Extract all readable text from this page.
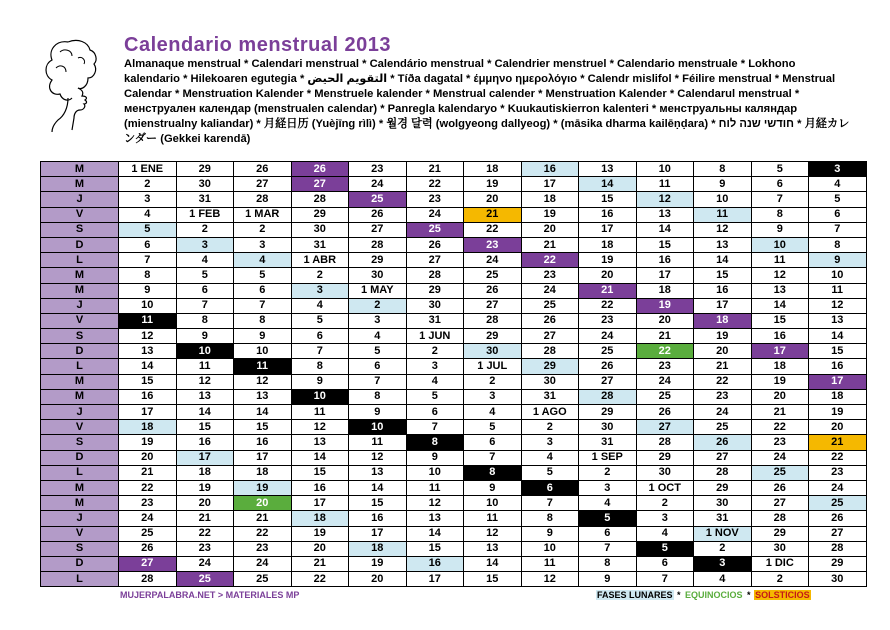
Calendario menstrual 2013

Almanaque menstrual * Calendari menstrual * Calendário menstrual * Calendrier menstruel * Calendario menstruale * Lokhono kalendario * Hilekoaren egutegia * التقويم الحيض * Tíða dagatal * έμμηνο ημερολόγιο * Calendr mislifol * Féilire menstrual * Menstrual Calendar * Menstruation Kalender * Menstruele kalender * Menstrual calender * Menstruation Kalender * Calendarul menstrual * менструален календар (menstrualen calendar) * Panregla kalendaryo * Kuukautiskierron kalenteri * менструальны каляндар (mienstrualny kaliandar) * 月経日历 (Yuèjīng rìlì) * 월경 달력 (wolgyeong dallyeog) * (māsika dharma kailēṇḍara) * חודשי שנה לוח * 月経カレンダー (Gekkei karendā)

M	1 ENE	29	26	26	23	21	18	16	13	10	8	5	3
M	2	30	27	27	24	22	19	17	14	11	9	6	4
J	3	31	28	28	25	23	20	18	15	12	10	7	5
V	4	1 FEB	1 MAR	29	26	24	21	19	16	13	11	8	6
S	5	2	2	30	27	25	22	20	17	14	12	9	7
D	6	3	3	31	28	26	23	21	18	15	13	10	8
L	7	4	4	1 ABR	29	27	24	22	19	16	14	11	9
M	8	5	5	2	30	28	25	23	20	17	15	12	10
M	9	6	6	3	1 MAY	29	26	24	21	18	16	13	11
J	10	7	7	4	2	30	27	25	22	19	17	14	12
V	11	8	8	5	3	31	28	26	23	20	18	15	13
S	12	9	9	6	4	1 JUN	29	27	24	21	19	16	14
D	13	10	10	7	5	2	30	28	25	22	20	17	15
L	14	11	11	8	6	3	1 JUL	29	26	23	21	18	16
M	15	12	12	9	7	4	2	30	27	24	22	19	17
M	16	13	13	10	8	5	3	31	28	25	23	20	18
J	17	14	14	11	9	6	4	1 AGO	29	26	24	21	19
V	18	15	15	12	10	7	5	2	30	27	25	22	20
S	19	16	16	13	11	8	6	3	31	28	26	23	21
D	20	17	17	14	12	9	7	4	1 SEP	29	27	24	22
L	21	18	18	15	13	10	8	5	2	30	28	25	23
M	22	19	19	16	14	11	9	6	3	1 OCT	29	26	24
M	23	20	20	17	15	12	10	7	4	2	30	27	25
J	24	21	21	18	16	13	11	8	5	3	31	28	26
V	25	22	22	19	17	14	12	9	6	4	1 NOV	29	27
S	26	23	23	20	18	15	13	10	7	5	2	30	28
D	27	24	24	21	19	16	14	11	8	6	3	1 DIC	29
L	28	25	25	22	20	17	15	12	9	7	4	2	30
MUJERPALABRA.NET > MATERIALES MP	FASES LUNARES * EQUINOCIOS * SOLSTICIOS
